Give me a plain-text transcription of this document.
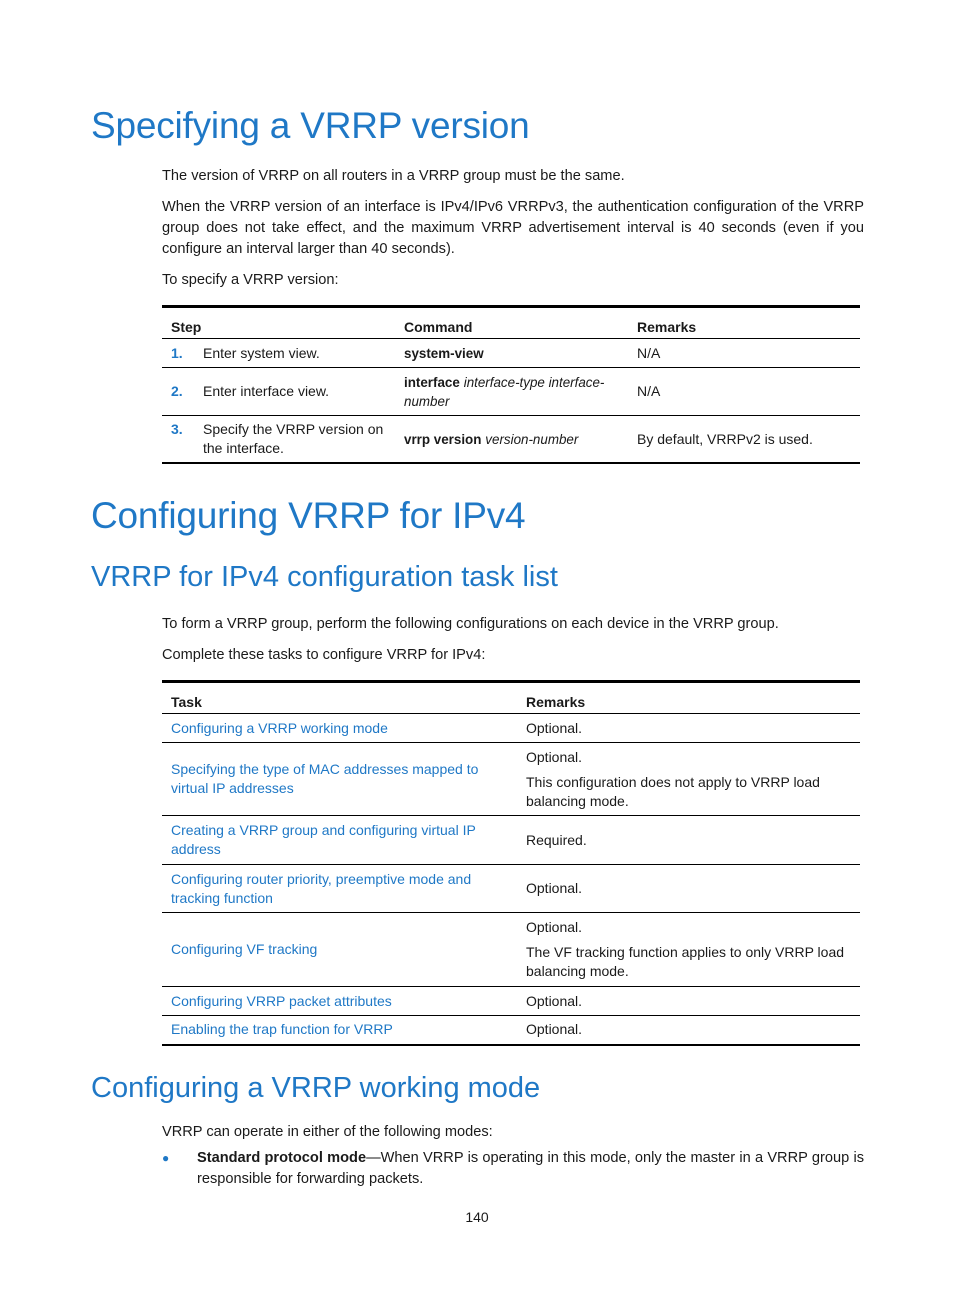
Specifying a VRRP version

The version of VRRP on all routers in a VRRP group must be the same.

When the VRRP version of an interface is IPv4/IPv6 VRRPv3, the authentication configuration of the VRRP group does not take effect, and the maximum VRRP advertisement interval is 40 seconds (even if you configure an interval larger than 40 seconds).

To specify a VRRP version:

Step	Command	Remarks

1. Enter system view.	system-view	N/A

2. Enter interface view.	interface interface-type interface-number	N/A

3. Specify the VRRP version on the interface.	vrrp version version-number	By default, VRRPv2 is used.
Configuring VRRP for IPv4
VRRP for IPv4 configuration task list

To form a VRRP group, perform the following configurations on each device in the VRRP group.

Complete these tasks to configure VRRP for IPv4:

Task	Remarks
Configuring a VRRP working mode	Optional.

Specifying the type of MAC addresses mapped to virtual IP addresses	Optional.

This configuration does not apply to VRRP load balancing mode.

Creating a VRRP group and configuring virtual IP address	Required.

Configuring router priority, preemptive mode and tracking function	Optional.

Configuring VF tracking	Optional.

The VF tracking function applies to only VRRP load balancing mode.

Configuring VRRP packet attributes	Optional.

Enabling the trap function for VRRP	Optional.

Configuring a VRRP working mode

VRRP can operate in either of the following modes:

● Standard protocol mode—When VRRP is operating in this mode, only the master in a VRRP group is responsible for forwarding packets.
140
